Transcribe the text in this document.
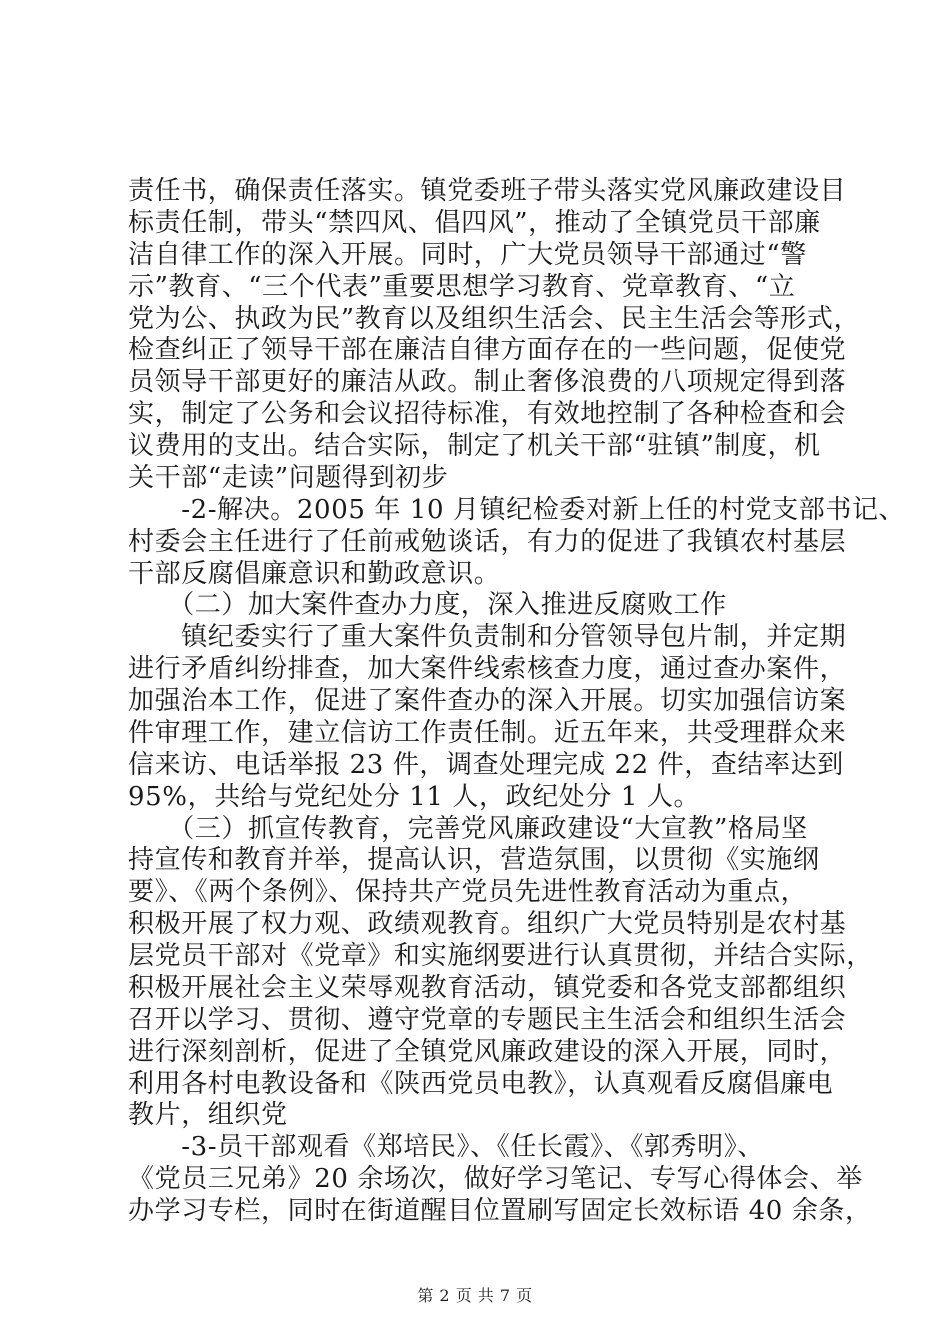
责任书，确保责任落实。镇党委班子带头落实党风廉政建设目
标责任制，带头“禁四风、倡四风”，推动了全镇党员干部廉
洁自律工作的深入开展。同时，广大党员领导干部通过“警
示”教育、“三个代表”重要思想学习教育、党章教育、“立
党为公、执政为民”教育以及组织生活会、民主生活会等形式，
检查纠正了领导干部在廉洁自律方面存在的一些问题，促使党
员领导干部更好的廉洁从政。制止奢侈浪费的八项规定得到落
实，制定了公务和会议招待标准，有效地控制了各种检查和会
议费用的支出。结合实际，制定了机关干部“驻镇”制度，机
关干部“走读”问题得到初步
　　-2-解决。2005 年 10 月镇纪检委对新上任的村党支部书记、
村委会主任进行了任前戒勉谈话，有力的促进了我镇农村基层
干部反腐倡廉意识和勤政意识。
　　（二）加大案件查办力度，深入推进反腐败工作
　　镇纪委实行了重大案件负责制和分管领导包片制，并定期
进行矛盾纠纷排查，加大案件线索核查力度，通过查办案件，
加强治本工作，促进了案件查办的深入开展。切实加强信访案
件审理工作，建立信访工作责任制。近五年来，共受理群众来
信来访、电话举报 23 件，调查处理完成 22 件，查结率达到
95%，共给与党纪处分 11 人，政纪处分 1 人。
　　（三）抓宣传教育，完善党风廉政建设“大宣教”格局坚
持宣传和教育并举，提高认识，营造氛围，以贯彻《实施纲
要》、《两个条例》、保持共产党员先进性教育活动为重点，
积极开展了权力观、政绩观教育。组织广大党员特别是农村基
层党员干部对《党章》和实施纲要进行认真贯彻，并结合实际，
积极开展社会主义荣辱观教育活动，镇党委和各党支部都组织
召开以学习、贯彻、遵守党章的专题民主生活会和组织生活会
进行深刻剖析，促进了全镇党风廉政建设的深入开展，同时，
利用各村电教设备和《陕西党员电教》，认真观看反腐倡廉电
教片，组织党
　　-3-员干部观看《郑培民》、《任长霞》、《郭秀明》、
《党员三兄弟》20 余场次，做好学习笔记、专写心得体会、举
办学习专栏，同时在街道醒目位置刷写固定长效标语 40 余条，
第 2 页 共 7 页
